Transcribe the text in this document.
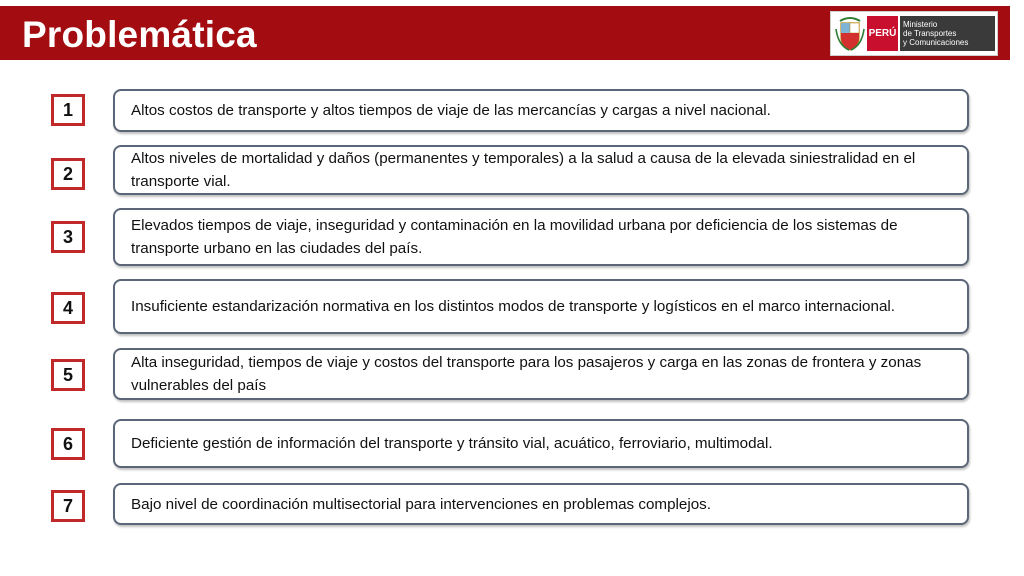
Problemática	PERÚ
Ministerio
de Transportes
y Comunicaciones
1	Altos costos de transporte y altos tiempos de viaje de las mercancías y cargas a nivel nacional.
2
Altos niveles de mortalidad y daños (permanentes y temporales) a la salud a causa de la elevada siniestralidad en el transporte vial.
3
Elevados tiempos de viaje, inseguridad y contaminación en la movilidad urbana por deficiencia de los sistemas de transporte urbano en las ciudades del país.
4	Insuficiente estandarización normativa en los distintos modos de transporte y logísticos en el marco internacional.
5
Alta inseguridad, tiempos de viaje y costos del transporte para los pasajeros y carga en las zonas de frontera y zonas vulnerables del país
6	Deficiente gestión de información del transporte y tránsito vial, acuático, ferroviario, multimodal.
7	Bajo nivel de coordinación multisectorial para intervenciones en problemas complejos.
